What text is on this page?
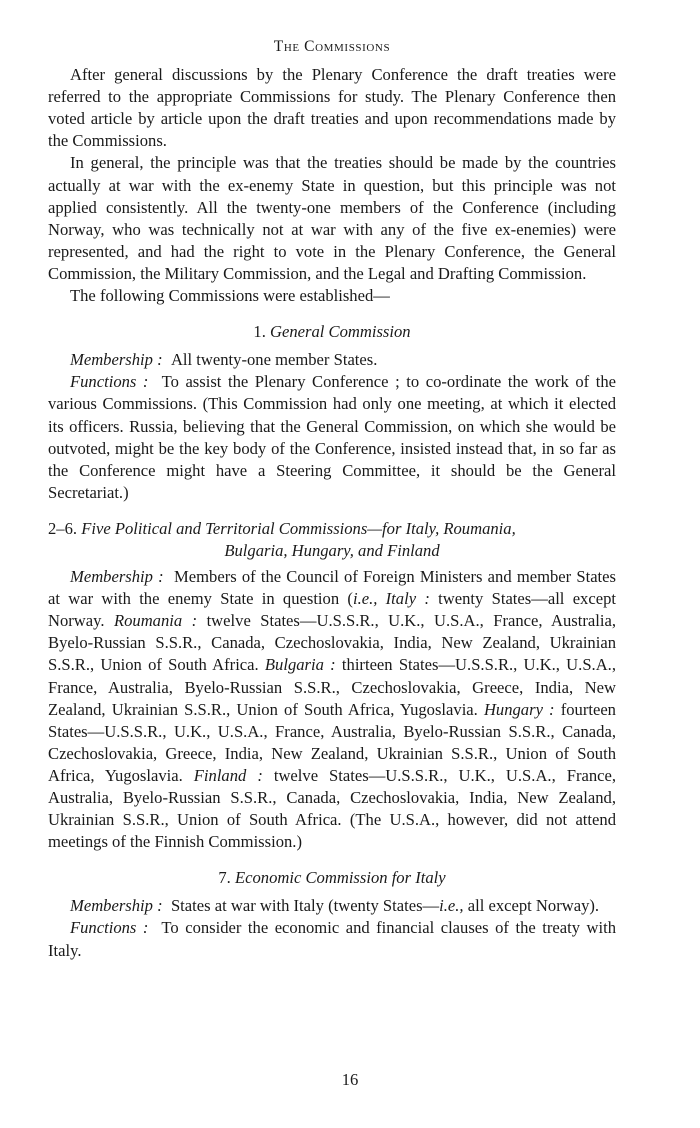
The Commissions

After general discussions by the Plenary Conference the draft treaties were referred to the appropriate Commissions for study. The Plenary Conference then voted article by article upon the draft treaties and upon recommendations made by the Commissions.

In general, the principle was that the treaties should be made by the countries actually at war with the ex-enemy State in question, but this principle was not applied consistently. All the twenty-one members of the Conference (including Norway, who was technically not at war with any of the five ex-enemies) were represented, and had the right to vote in the Plenary Conference, the General Commission, the Military Commission, and the Legal and Drafting Commission.

The following Commissions were established—

1. General Commission

Membership : All twenty-one member States.

Functions : To assist the Plenary Conference ; to co-ordinate the work of the various Commissions. (This Commission had only one meeting, at which it elected its officers. Russia, believing that the General Commission, on which she would be outvoted, might be the key body of the Conference, insisted instead that, in so far as the Conference might have a Steering Committee, it should be the General Secretariat.)

2–6. Five Political and Territorial Commissions—for Italy, Roumania,
Bulgaria, Hungary, and Finland

Membership : Members of the Council of Foreign Ministers and member States at war with the enemy State in question (i.e., Italy : twenty States—all except Norway. Roumania : twelve States—U.S.S.R., U.K., U.S.A., France, Australia, Byelo-Russian S.S.R., Canada, Czechoslovakia, India, New Zealand, Ukrainian S.S.R., Union of South Africa. Bulgaria : thirteen States—U.S.S.R., U.K., U.S.A., France, Australia, Byelo-Russian S.S.R., Czechoslovakia, Greece, India, New Zealand, Ukrainian S.S.R., Union of South Africa, Yugoslavia. Hungary : fourteen States—U.S.S.R., U.K., U.S.A., France, Australia, Byelo-Russian S.S.R., Canada, Czechoslovakia, Greece, India, New Zealand, Ukrainian S.S.R., Union of South Africa, Yugoslavia. Finland : twelve States—U.S.S.R., U.K., U.S.A., France, Australia, Byelo-Russian S.S.R., Canada, Czechoslovakia, India, New Zealand, Ukrainian S.S.R., Union of South Africa. (The U.S.A., however, did not attend meetings of the Finnish Commission.)

7. Economic Commission for Italy

Membership : States at war with Italy (twenty States—i.e., all except Norway).

Functions : To consider the economic and financial clauses of the treaty with Italy.

16
